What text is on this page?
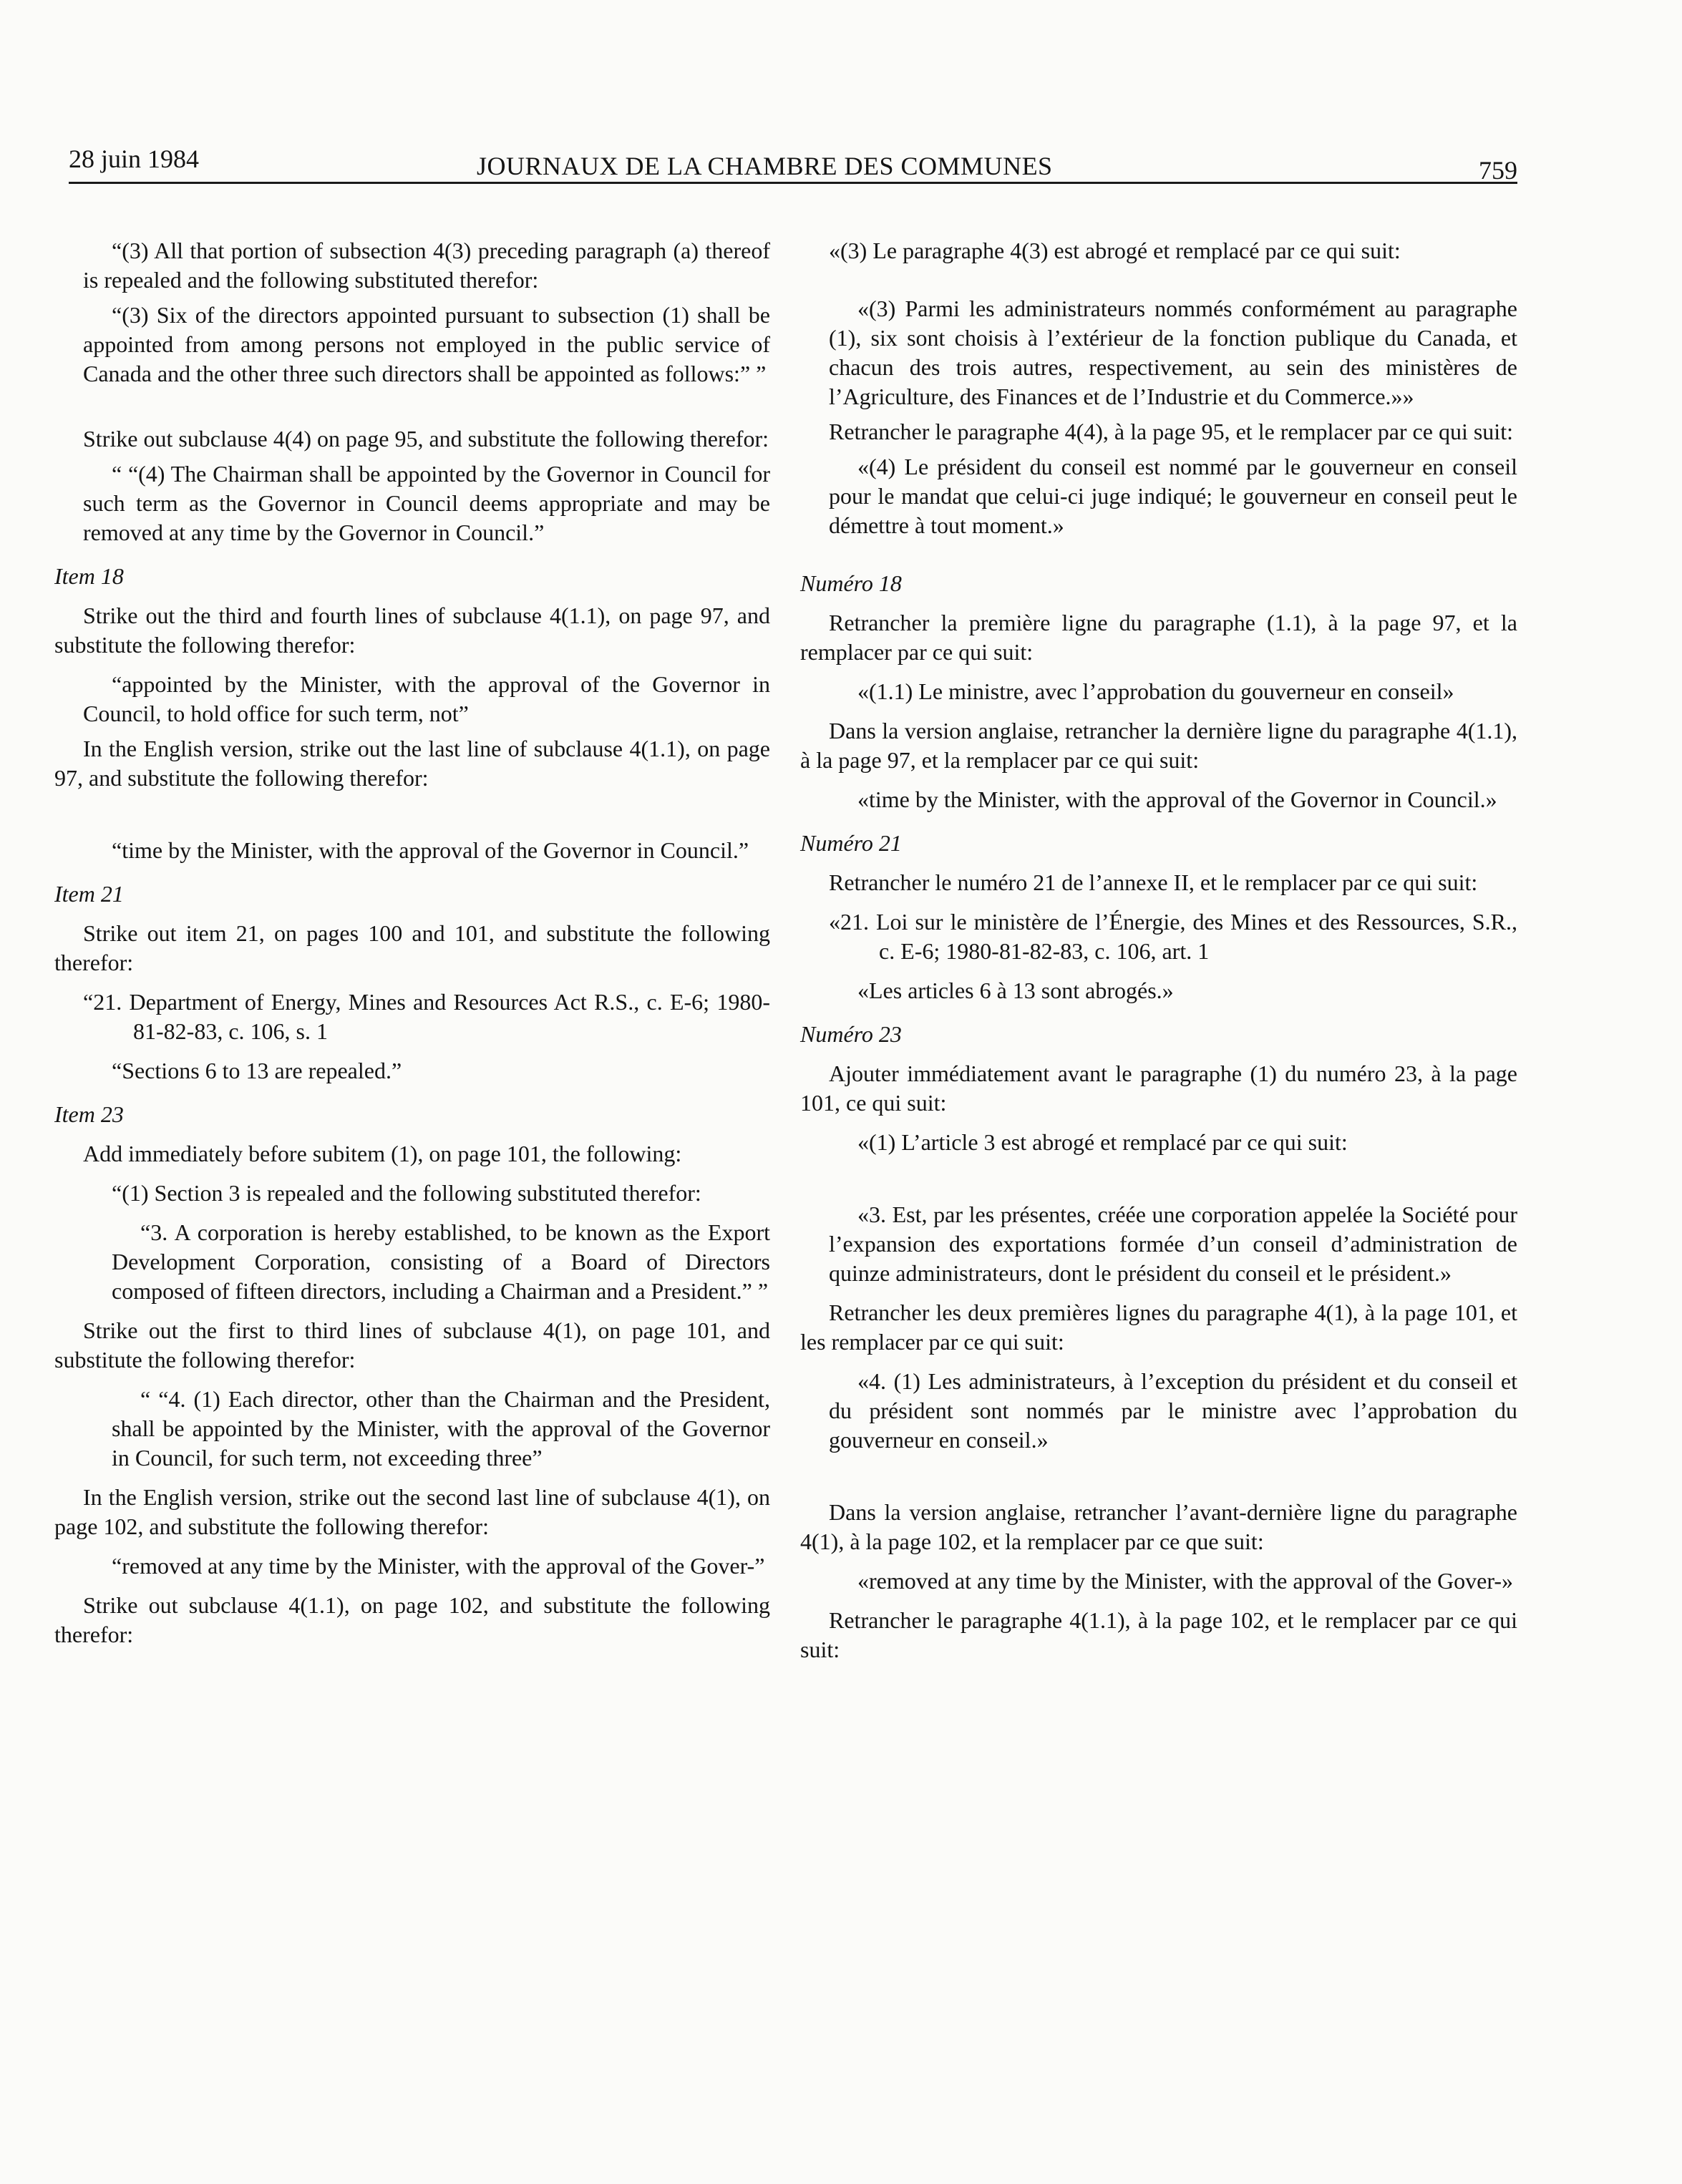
28 juin 1984	JOURNAUX DE LA CHAMBRE DES COMMUNES	759

“(3) All that portion of subsection 4(3) preceding paragraph (a) thereof is repealed and the following substituted therefor:

“(3) Six of the directors appointed pursuant to subsection (1) shall be appointed from among persons not employed in the public service of Canada and the other three such directors shall be appointed as follows:” ”

Strike out subclause 4(4) on page 95, and substitute the following therefor:

“ “(4) The Chairman shall be appointed by the Governor in Council for such term as the Governor in Council deems appropriate and may be removed at any time by the Governor in Council.”

Item 18

Strike out the third and fourth lines of subclause 4(1.1), on page 97, and substitute the following therefor:

“appointed by the Minister, with the approval of the Governor in Council, to hold office for such term, not”

In the English version, strike out the last line of subclause 4(1.1), on page 97, and substitute the following therefor:

“time by the Minister, with the approval of the Governor in Council.”

Item 21

Strike out item 21, on pages 100 and 101, and substitute the following therefor:

“21. Department of Energy, Mines and Resources Act R.S., c. E-6; 1980-81-82-83, c. 106, s. 1

“Sections 6 to 13 are repealed.”

Item 23

Add immediately before subitem (1), on page 101, the following:

“(1) Section 3 is repealed and the following substituted therefor:

“3. A corporation is hereby established, to be known as the Export Development Corporation, consisting of a Board of Directors composed of fifteen directors, including a Chairman and a President.” ”

Strike out the first to third lines of subclause 4(1), on page 101, and substitute the following therefor:

“ “4. (1) Each director, other than the Chairman and the President, shall be appointed by the Minister, with the approval of the Governor in Council, for such term, not exceeding three”

In the English version, strike out the second last line of subclause 4(1), on page 102, and substitute the following therefor:

“removed at any time by the Minister, with the approval of the Gover-”

Strike out subclause 4(1.1), on page 102, and substitute the following therefor:

«(3) Le paragraphe 4(3) est abrogé et remplacé par ce qui suit:

«(3) Parmi les administrateurs nommés conformément au paragraphe (1), six sont choisis à l’extérieur de la fonction publique du Canada, et chacun des trois autres, respectivement, au sein des ministères de l’Agriculture, des Finances et de l’Industrie et du Commerce.»»

Retrancher le paragraphe 4(4), à la page 95, et le remplacer par ce qui suit:

«(4) Le président du conseil est nommé par le gouverneur en conseil pour le mandat que celui-ci juge indiqué; le gouverneur en conseil peut le démettre à tout moment.»

Numéro 18

Retrancher la première ligne du paragraphe (1.1), à la page 97, et la remplacer par ce qui suit:

«(1.1) Le ministre, avec l’approbation du gouverneur en conseil»

Dans la version anglaise, retrancher la dernière ligne du paragraphe 4(1.1), à la page 97, et la remplacer par ce qui suit:

«time by the Minister, with the approval of the Governor in Council.»

Numéro 21

Retrancher le numéro 21 de l’annexe II, et le remplacer par ce qui suit:

«21. Loi sur le ministère de l’Énergie, des Mines et des Ressources, S.R., c. E-6; 1980-81-82-83, c. 106, art. 1

«Les articles 6 à 13 sont abrogés.»

Numéro 23

Ajouter immédiatement avant le paragraphe (1) du numéro 23, à la page 101, ce qui suit:

«(1) L’article 3 est abrogé et remplacé par ce qui suit:

«3. Est, par les présentes, créée une corporation appelée la Société pour l’expansion des exportations formée d’un conseil d’administration de quinze administrateurs, dont le président du conseil et le président.»

Retrancher les deux premières lignes du paragraphe 4(1), à la page 101, et les remplacer par ce qui suit:

«4. (1) Les administrateurs, à l’exception du président et du conseil et du président sont nommés par le ministre avec l’approbation du gouverneur en conseil.»

Dans la version anglaise, retrancher l’avant-dernière ligne du paragraphe 4(1), à la page 102, et la remplacer par ce que suit:

«removed at any time by the Minister, with the approval of the Gover-»

Retrancher le paragraphe 4(1.1), à la page 102, et le remplacer par ce qui suit:
